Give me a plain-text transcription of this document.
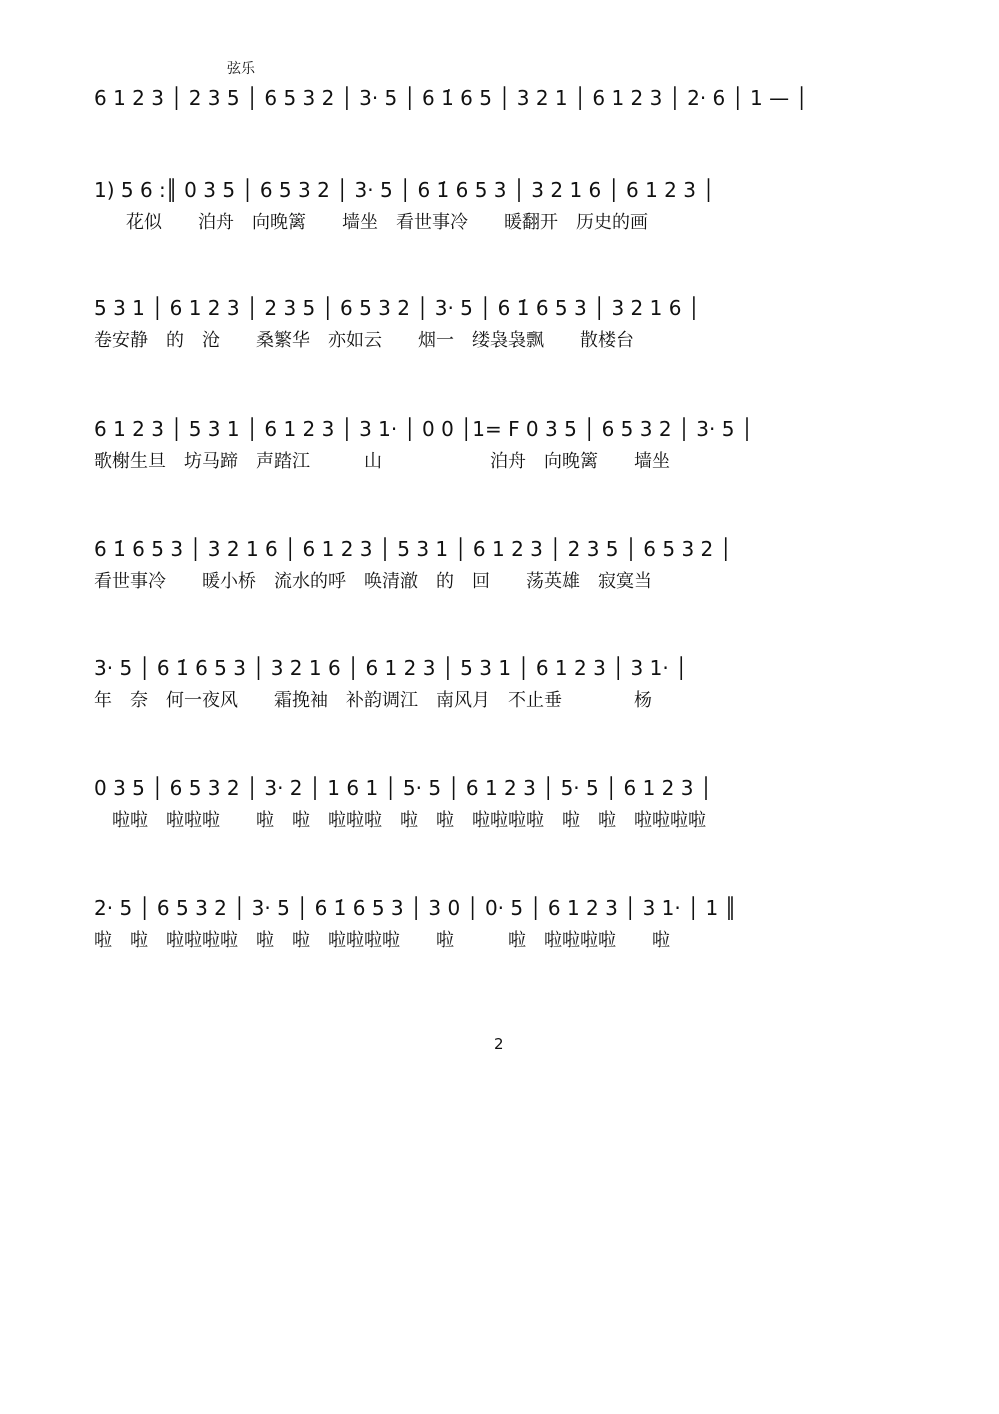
弦乐
6 1 2 3 │ 2 3 5 │ 6 5 3 2 │ 3· 5 │ 6 1̇ 6 5 │ 3 2 1 │ 6 1 2 3 │ 2· 6 │ 1 — │
1) 5 6 :║ 0 3 5 │ 6 5 3 2 │ 3· 5 │ 6 1̇ 6 5 3 │ 3 2 1 6 │ 6 1 2 3 │
花似　　泊舟　向晚篱　　墙坐　看世事冷　　暖翻开　历史的画
5 3 1 │ 6 1 2 3 │ 2 3 5 │ 6 5 3 2 │ 3· 5 │ 6 1̇ 6 5 3 │ 3 2 1 6 │
卷安静　的　沧　　桑繁华　亦如云　　烟一　缕袅袅飘　　散楼台
6 1 2 3 │ 5 3 1 │ 6 1 2 3 │ 3 1· │ 0 0 │1= F 0 3 5 │ 6 5 3 2 │ 3· 5 │
歌榭生旦　坊马蹄　声踏江　　　山　　　　　　泊舟　向晚篱　　墙坐
6 1̇ 6 5 3 │ 3 2 1 6 │ 6 1 2 3 │ 5 3 1 │ 6 1 2 3 │ 2 3 5 │ 6 5 3 2 │
看世事冷　　暖小桥　流水的呼　唤清澈　的　回　　荡英雄　寂寞当
3· 5 │ 6 1̇ 6 5 3 │ 3 2 1 6 │ 6 1 2 3 │ 5 3 1 │ 6 1 2 3 │ 3 1· │
年　奈　何一夜风　　霜挽袖　补韵调江　南风月　不止垂　　　　杨
0 3 5 │ 6 5 3 2 │ 3· 2 │ 1 6 1 │ 5· 5 │ 6 1 2 3 │ 5· 5 │ 6 1 2 3 │
　啦啦　啦啦啦　　啦　啦　啦啦啦　啦　啦　啦啦啦啦　啦　啦　啦啦啦啦
2· 5 │ 6 5 3 2 │ 3· 5 │ 6 1̇ 6 5 3 │ 3 0 │ 0· 5 │ 6 1 2 3 │ 3 1· │ 1 ║
啦　啦　啦啦啦啦　啦　啦　啦啦啦啦　　啦　　　啦　啦啦啦啦　　啦
2
